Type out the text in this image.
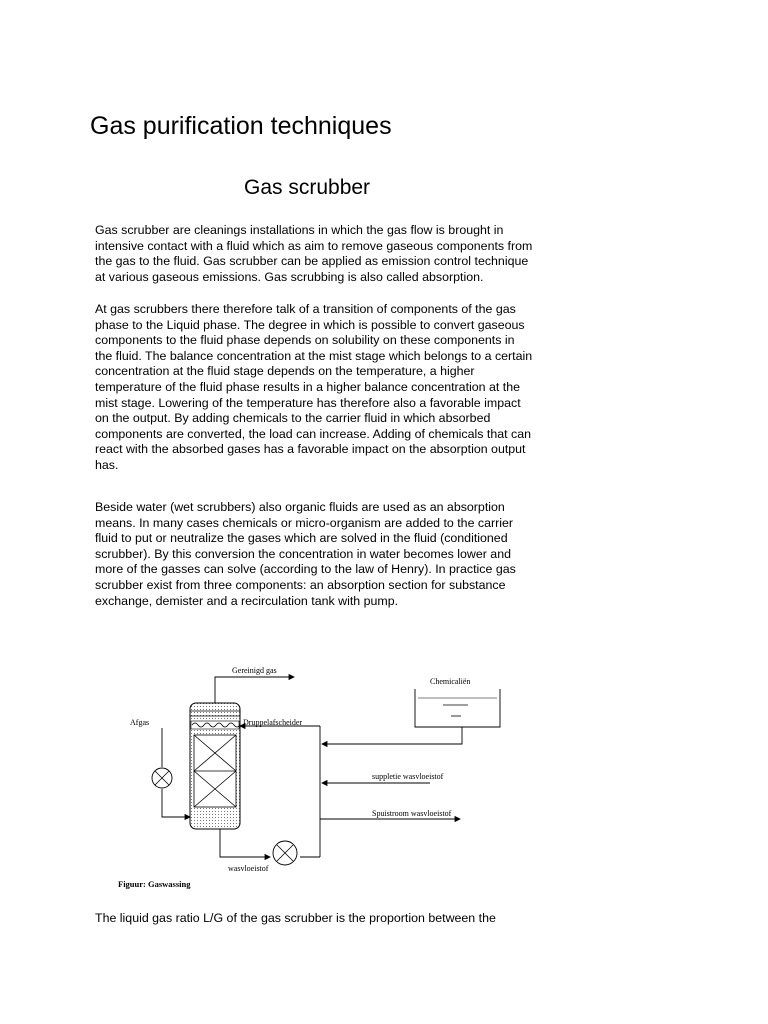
Gas purification techniques
Gas scrubber

Gas scrubber are cleanings installations in which the gas flow is brought in intensive contact with a fluid which as aim to remove gaseous components from the gas to the fluid. Gas scrubber can be applied as emission control technique at various gaseous emissions. Gas scrubbing is also called absorption.

At gas scrubbers there therefore talk of a transition of components of the gas phase to the Liquid phase. The degree in which is possible to convert gaseous components to the fluid phase depends on solubility on these components in the fluid. The balance concentration at the mist stage which belongs to a certain concentration at the fluid stage depends on the temperature, a higher temperature of the fluid phase results in a higher balance concentration at the mist stage. Lowering of the temperature has therefore also a favorable impact on the output. By adding chemicals to the carrier fluid in which absorbed components are converted, the load can increase. Adding of chemicals that can react with the absorbed gases has a favorable impact on the absorption output has.

Beside water (wet scrubbers) also organic fluids are used as an absorption means. In many cases chemicals or micro-organism are added to the carrier fluid to put or neutralize the gases which are solved in the fluid (conditioned scrubber). By this conversion the concentration in water becomes lower and more of the gasses can solve (according to the law of Henry). In practice gas scrubber exist from three components: an absorption section for substance exchange, demister and a recirculation tank with pump.

Gereinigd gas
Afgas	Druppelafscheider
wasvloeistof
Chemicaliën
suppletie wasvloeistof
Spuistroom wasvloeistof
Figuur: Gaswassing

The liquid gas ratio L/G of the gas scrubber is the proportion between the
